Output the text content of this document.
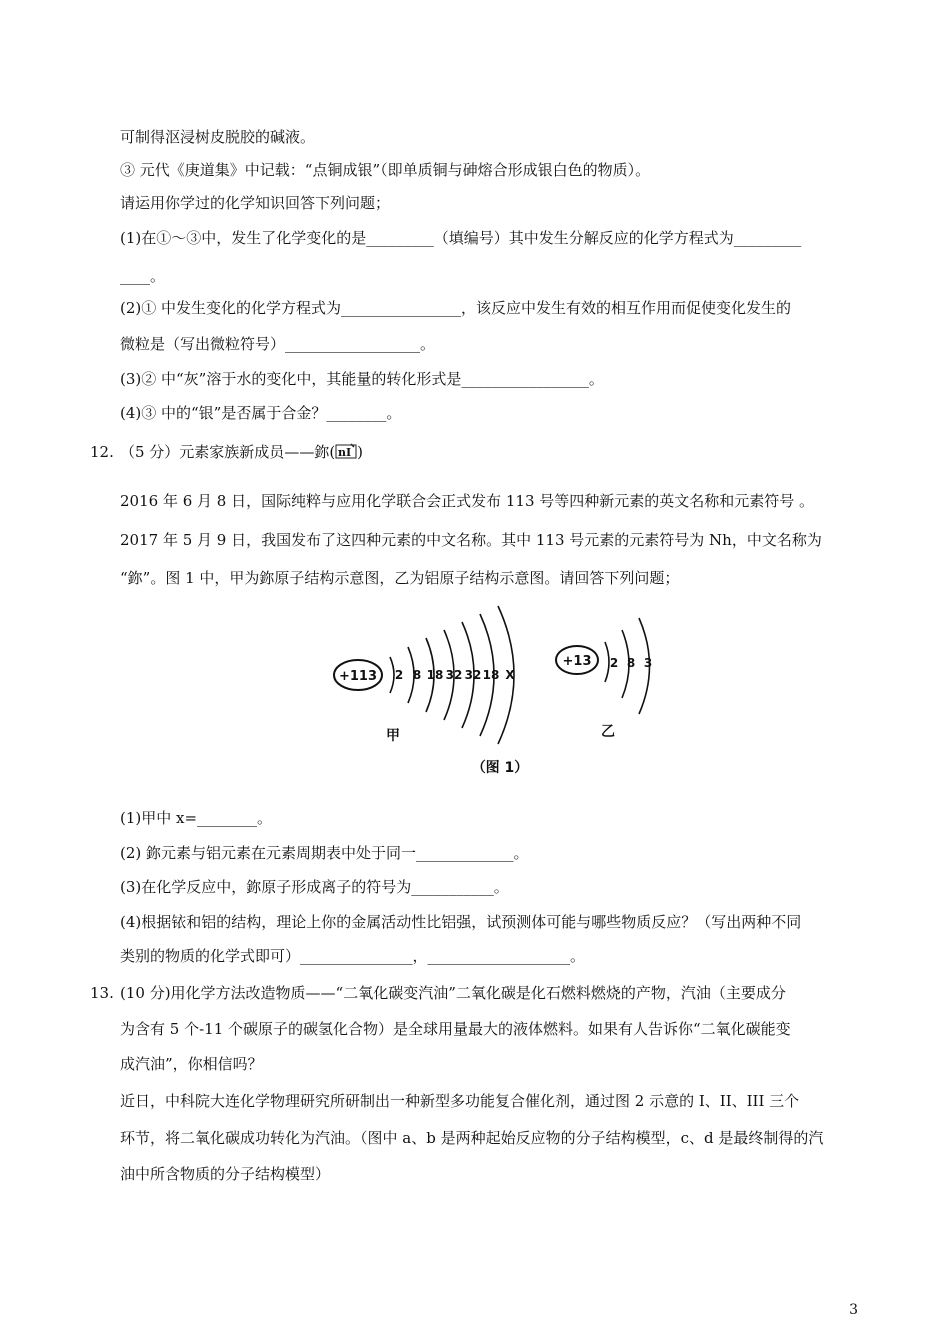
可制得沤浸树皮脱胶的碱液。
③ 元代《庚道集》中记载：“点铜成银”（即单质铜与砷熔合形成银白色的物质）。
请运用你学过的化学知识回答下列问题；
(1)在①～③中，发生了化学变化的是_________（填编号）其中发生分解反应的化学方程式为_________
____。
(2)① 中发生变化的化学方程式为________________，该反应中发生有效的相互作用而促使变化发生的
微粒是（写出微粒符号）__________________。
(3)② 中“灰”溶于水的变化中，其能量的转化形式是_________________。
(4)③ 中的“银”是否属于合金？________。
12. （5 分）元素家族新成员——鉨( nI )
2016 年 6 月 8 日，国际纯粹与应用化学联合会正式发布 113 号等四种新元素的英文名称和元素符号 。
2017 年 5 月 9 日，我国发布了这四种元素的中文名称。其中 113 号元素的元素符号为 Nh，中文名称为
“鉨”。图 1 中，甲为鉨原子结构示意图，乙为铝原子结构示意图。请回答下列问题；
+113 2 8 18 32 32 18 X
甲
+13 2 8 3
乙
（图 1）
(1)甲中 x=________。
(2) 鉨元素与铝元素在元素周期表中处于同一_____________。
(3)在化学反应中，鉨原子形成离子的符号为___________。
(4)根据铱和铝的结构，理论上你的金属活动性比铝强，试预测体可能与哪些物质反应？（写出两种不同
类别的物质的化学式即可）_______________，___________________。
13. (10 分)用化学方法改造物质——“二氧化碳变汽油”二氧化碳是化石燃料燃烧的产物，汽油（主要成分
为含有 5 个-11 个碳原子的碳氢化合物）是全球用量最大的液体燃料。如果有人告诉你“二氧化碳能变
成汽油”，你相信吗？
近日，中科院大连化学物理研究所研制出一种新型多功能复合催化剂，通过图 2 示意的 I、II、III 三个
环节，将二氧化碳成功转化为汽油。（图中 a、b 是两种起始反应物的分子结构模型，c、d 是最终制得的汽
油中所含物质的分子结构模型）
3
